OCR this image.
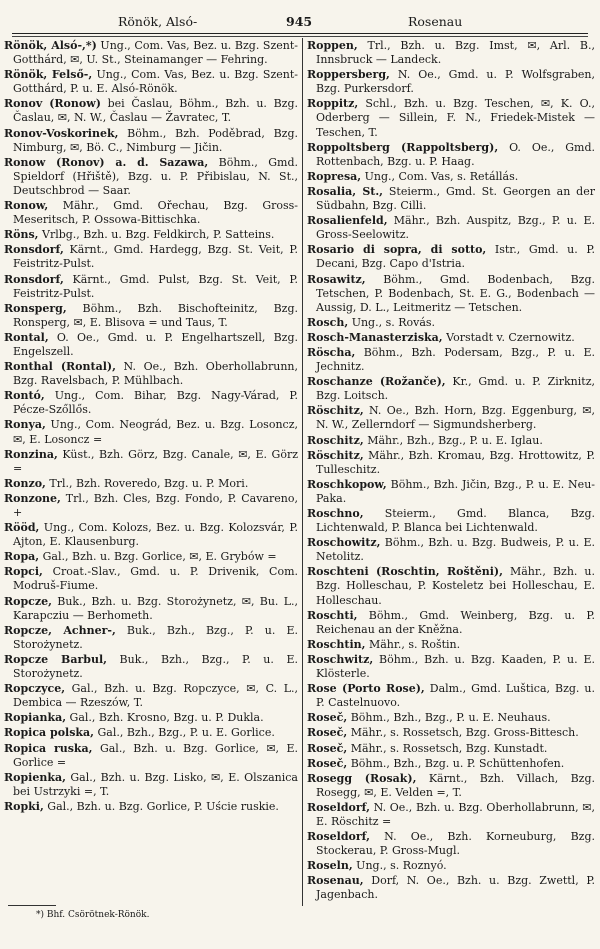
Rönök, Alsó-	945	Rosenau

Rönök, Alsó-,*) Ung., Com. Vas, Bez. u. Bzg. Szent-Gotthárd, ✉, U. St., Steinamanger — Fehring.

Rönök, Felső-, Ung., Com. Vas, Bez. u. Bzg. Szent-Gotthárd, P. u. E. Alsó-Rönök.

Ronov (Ronow) bei Časlau, Böhm., Bzh. u. Bzg. Časlau, ✉, N. W., Časlau — Žavratec, T.

Ronov-Voskorinek, Böhm., Bzh. Poděbrad, Bzg. Nimburg, ✉, Bö. C., Nimburg — Jičin.

Ronow (Ronov) a. d. Sazawa, Böhm., Gmd. Spieldorf (Hřiště), Bzg. u. P. Přibislau, N. St., Deutschbrod — Saar.

Ronow, Mähr., Gmd. Ořechau, Bzg. Gross-Meseritsch, P. Ossowa-Bittischka.

Röns, Vrlbg., Bzh. u. Bzg. Feldkirch, P. Satteins.

Ronsdorf, Kärnt., Gmd. Hardegg, Bzg. St. Veit, P. Feistritz-Pulst.

Ronsdorf, Kärnt., Gmd. Pulst, Bzg. St. Veit, P. Feistritz-Pulst.

Ronsperg, Böhm., Bzh. Bischofteinitz, Bzg. Ronsperg, ✉, E. Blisova = und Taus, T.

Rontal, O. Oe., Gmd. u. P. Engelhartszell, Bzg. Engelszell.

Ronthal (Rontal), N. Oe., Bzh. Oberhollabrunn, Bzg. Ravelsbach, P. Mühlbach.

Rontó, Ung., Com. Bihar, Bzg. Nagy-Várad, P. Pécze-Szőllős.

Ronya, Ung., Com. Neográd, Bez. u. Bzg. Losoncz, ✉, E. Losoncz =

Ronzina, Küst., Bzh. Görz, Bzg. Canale, ✉, E. Görz =

Ronzo, Trl., Bzh. Roveredo, Bzg. u. P. Mori.

Ronzone, Trl., Bzh. Cles, Bzg. Fondo, P. Cavareno, +

Rööd, Ung., Com. Kolozs, Bez. u. Bzg. Kolozsvár, P. Ajton, E. Klausenburg.

Ropa, Gal., Bzh. u. Bzg. Gorlice, ✉, E. Grybów =

Ropci, Croat.-Slav., Gmd. u. P. Drivenik, Com. Modruš-Fiume.

Ropcze, Buk., Bzh. u. Bzg. Storożynetz, ✉, Bu. L., Karapcziu — Berhometh.

Ropcze, Achner-, Buk., Bzh., Bzg., P. u. E. Storożynetz.

Ropcze Barbul, Buk., Bzh., Bzg., P. u. E. Storożynetz.

Ropczyce, Gal., Bzh. u. Bzg. Ropczyce, ✉, C. L., Dembica — Rzeszów, T.

Ropianka, Gal., Bzh. Krosno, Bzg. u. P. Dukla.

Ropica polska, Gal., Bzh., Bzg., P. u. E. Gorlice.

Ropica ruska, Gal., Bzh. u. Bzg. Gorlice, ✉, E. Gorlice =

Ropienka, Gal., Bzh. u. Bzg. Lisko, ✉, E. Olszanica bei Ustrzyki =, T.

Ropki, Gal., Bzh. u. Bzg. Gorlice, P. Uście ruskie.

Roppen, Trl., Bzh. u. Bzg. Imst, ✉, Arl. B., Innsbruck — Landeck.

Roppersberg, N. Oe., Gmd. u. P. Wolfsgraben, Bzg. Purkersdorf.

Roppitz, Schl., Bzh. u. Bzg. Teschen, ✉, K. O., Oderberg — Sillein, F. N., Friedek-Mistek — Teschen, T.

Roppoltsberg (Rappoltsberg), O. Oe., Gmd. Rottenbach, Bzg. u. P. Haag.

Ropresa, Ung., Com. Vas, s. Retállás.

Rosalia, St., Steierm., Gmd. St. Georgen an der Südbahn, Bzg. Cilli.

Rosalienfeld, Mähr., Bzh. Auspitz, Bzg., P. u. E. Gross-Seelowitz.

Rosario di sopra, di sotto, Istr., Gmd. u. P. Decani, Bzg. Capo d'Istria.

Rosawitz, Böhm., Gmd. Bodenbach, Bzg. Tetschen, P. Bodenbach, St. E. G., Bodenbach — Aussig, D. L., Leitmeritz — Tetschen.

Rosch, Ung., s. Rovás.

Rosch-Manasterziska, Vorstadt v. Czernowitz.

Röscha, Böhm., Bzh. Podersam, Bzg., P. u. E. Jechnitz.

Roschanze (Rožanče), Kr., Gmd. u. P. Zirknitz, Bzg. Loitsch.

Röschitz, N. Oe., Bzh. Horn, Bzg. Eggenburg, ✉, N. W., Zellerndorf — Sigmundsherberg.

Roschitz, Mähr., Bzh., Bzg., P. u. E. Iglau.

Röschitz, Mähr., Bzh. Kromau, Bzg. Hrottowitz, P. Tulleschitz.

Roschkopow, Böhm., Bzh. Jičin, Bzg., P. u. E. Neu-Paka.

Roschno, Steierm., Gmd. Blanca, Bzg. Lichtenwald, P. Blanca bei Lichtenwald.

Roschowitz, Böhm., Bzh. u. Bzg. Budweis, P. u. E. Netolitz.

Roschteni (Roschtin, Roštěni), Mähr., Bzh. u. Bzg. Holleschau, P. Kosteletz bei Holleschau, E. Holleschau.

Roschti, Böhm., Gmd. Weinberg, Bzg. u. P. Reichenau an der Kněžna.

Roschtin, Mähr., s. Roštin.

Roschwitz, Böhm., Bzh. u. Bzg. Kaaden, P. u. E. Klösterle.

Rose (Porto Rose), Dalm., Gmd. Luštica, Bzg. u. P. Castelnuovo.

Roseč, Böhm., Bzh., Bzg., P. u. E. Neuhaus.

Roseč, Mähr., s. Rossetsch, Bzg. Gross-Bittesch.

Roseč, Mähr., s. Rossetsch, Bzg. Kunstadt.

Roseč, Böhm., Bzh., Bzg. u. P. Schüttenhofen.

Rosegg (Rosak), Kärnt., Bzh. Villach, Bzg. Rosegg, ✉, E. Velden =, T.

Roseldorf, N. Oe., Bzh. u. Bzg. Oberhollabrunn, ✉, E. Röschitz =

Roseldorf, N. Oe., Bzh. Korneuburg, Bzg. Stockerau, P. Gross-Mugl.

Roseln, Ung., s. Roznyó.

Rosenau, Dorf, N. Oe., Bzh. u. Bzg. Zwettl, P. Jagenbach.

*) Bhf. Csörötnek-Rönök.
